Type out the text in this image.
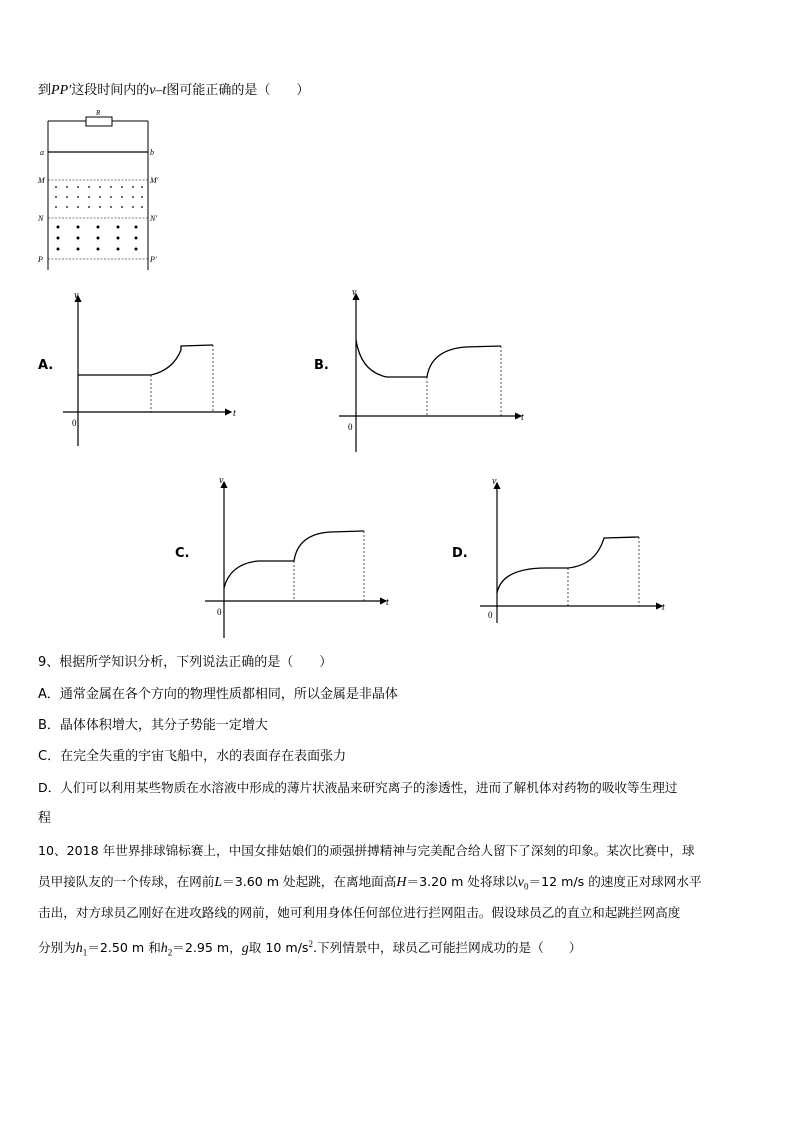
到PP′这段时间内的v–t图可能正确的是（　　）
R
a	b
M	M′
N	N′
P	P′
A.
v
t
0
B.
v
t
0
C.
v
t
0
D.
v
t
0
9、根据所学知识分析，下列说法正确的是（　　）
A．通常金属在各个方向的物理性质都相同，所以金属是非晶体
B．晶体体积增大，其分子势能一定增大
C．在完全失重的宇宙飞船中，水的表面存在表面张力
D．人们可以利用某些物质在水溶液中形成的薄片状液晶来研究离子的渗透性，进而了解机体对药物的吸收等生理过
程
10、2018 年世界排球锦标赛上，中国女排姑娘们的顽强拼搏精神与完美配合给人留下了深刻的印象。某次比赛中，球
员甲接队友的一个传球，在网前L＝3.60 m 处起跳，在离地面高H＝3.20 m 处将球以$v_0=12$ m/s 的速度正对球网水平
击出，对方球员乙刚好在进攻路线的网前，她可利用身体任何部位进行拦网阻击。假设球员乙的直立和起跳拦网高度
分别为$h_1=2.50$ m 和$h_2=2.95$ m，g取 10 $m/s^2$.下列情景中，球员乙可能拦网成功的是（　　）
